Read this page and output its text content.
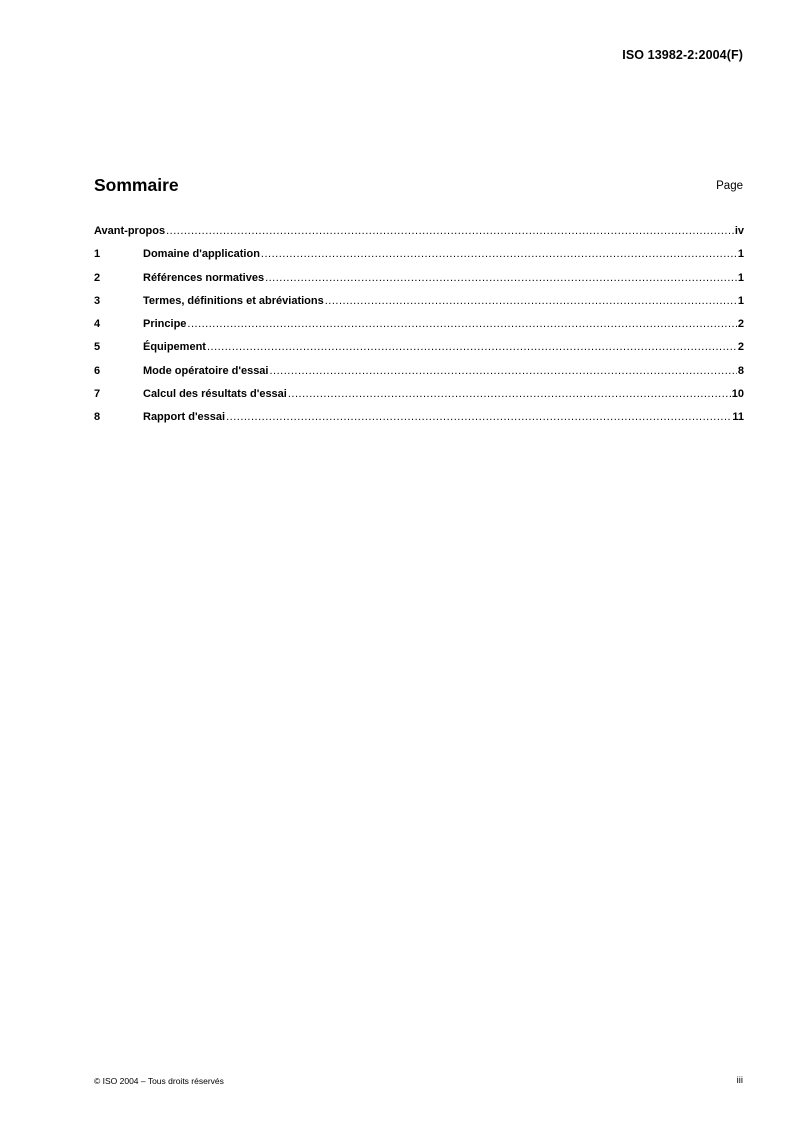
ISO 13982-2:2004(F)
Sommaire	Page
Avant-propos .....	iv
1	Domaine d'application .....	1
2	Références normatives .....	1
3	Termes, définitions et abréviations .....	1
4	Principe .....	2
5	Équipement .....	2
6	Mode opératoire d'essai .....	8
7	Calcul des résultats d'essai .....	10
8	Rapport d'essai .....	11
© ISO 2004 – Tous droits réservés	iii
